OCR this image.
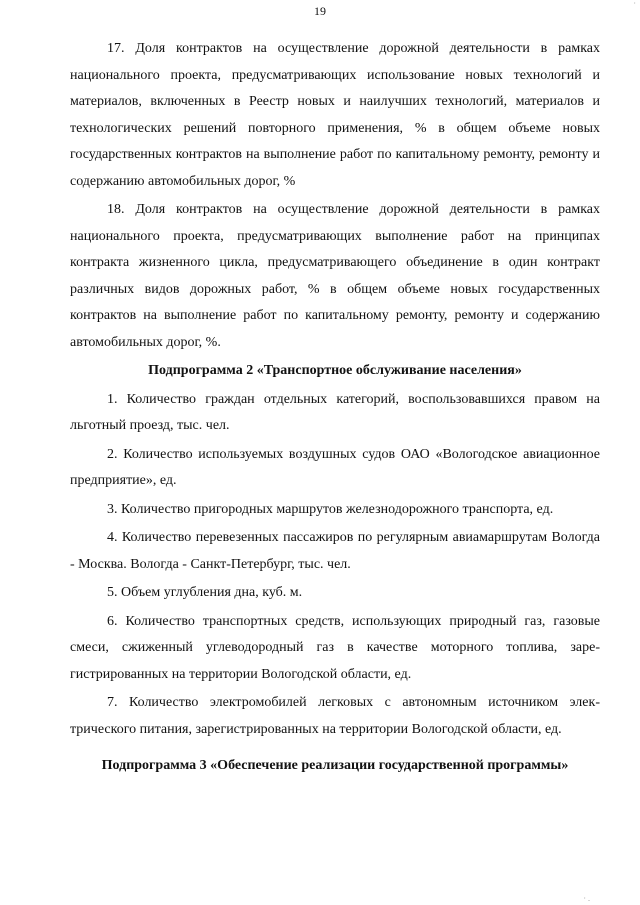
·
19

17. Доля контрактов на осуществление дорожной деятельности в рамках национального проекта, предусматривающих использование новых технологий и материалов, включенных в Реестр новых и наилучших технологий, материалов и технологических решений повторного применения, % в общем объеме новых государственных контрактов на выполнение работ по капитальному ремонту, ремонту и содержанию автомобильных дорог, %

18. Доля контрактов на осуществление дорожной деятельности в рамках национального проекта, предусматривающих выполнение работ на принципах контракта жизненного цикла, предусматривающего объединение в один контракт различных видов дорожных работ, % в общем объеме новых государственных контрактов на выполнение работ по капитальному ремонту, ремонту и содержанию автомобильных дорог, %.

Подпрограмма 2 «Транспортное обслуживание населения»

1. Количество граждан отдельных категорий, воспользовавшихся правом на льготный проезд, тыс. чел.

2. Количество используемых воздушных судов ОАО «Вологодское авиационное предприятие», ед.

3. Количество пригородных маршрутов железнодорожного транспорта, ед.

4. Количество перевезенных пассажиров по регулярным авиамаршрутам Вологда - Москва. Вологда - Санкт-Петербург, тыс. чел.

5. Объем углубления дна, куб. м.

6. Количество транспортных средств, использующих природный газ, газовые смеси, сжиженный углеводородный газ в качестве моторного топлива, зарегистрированных на территории Вологодской области, ед.

7. Количество электромобилей легковых с автономным источником электрического питания, зарегистрированных на территории Вологодской области, ед.

Подпрограмма 3 «Обеспечение реализации государственной программы»

· .
